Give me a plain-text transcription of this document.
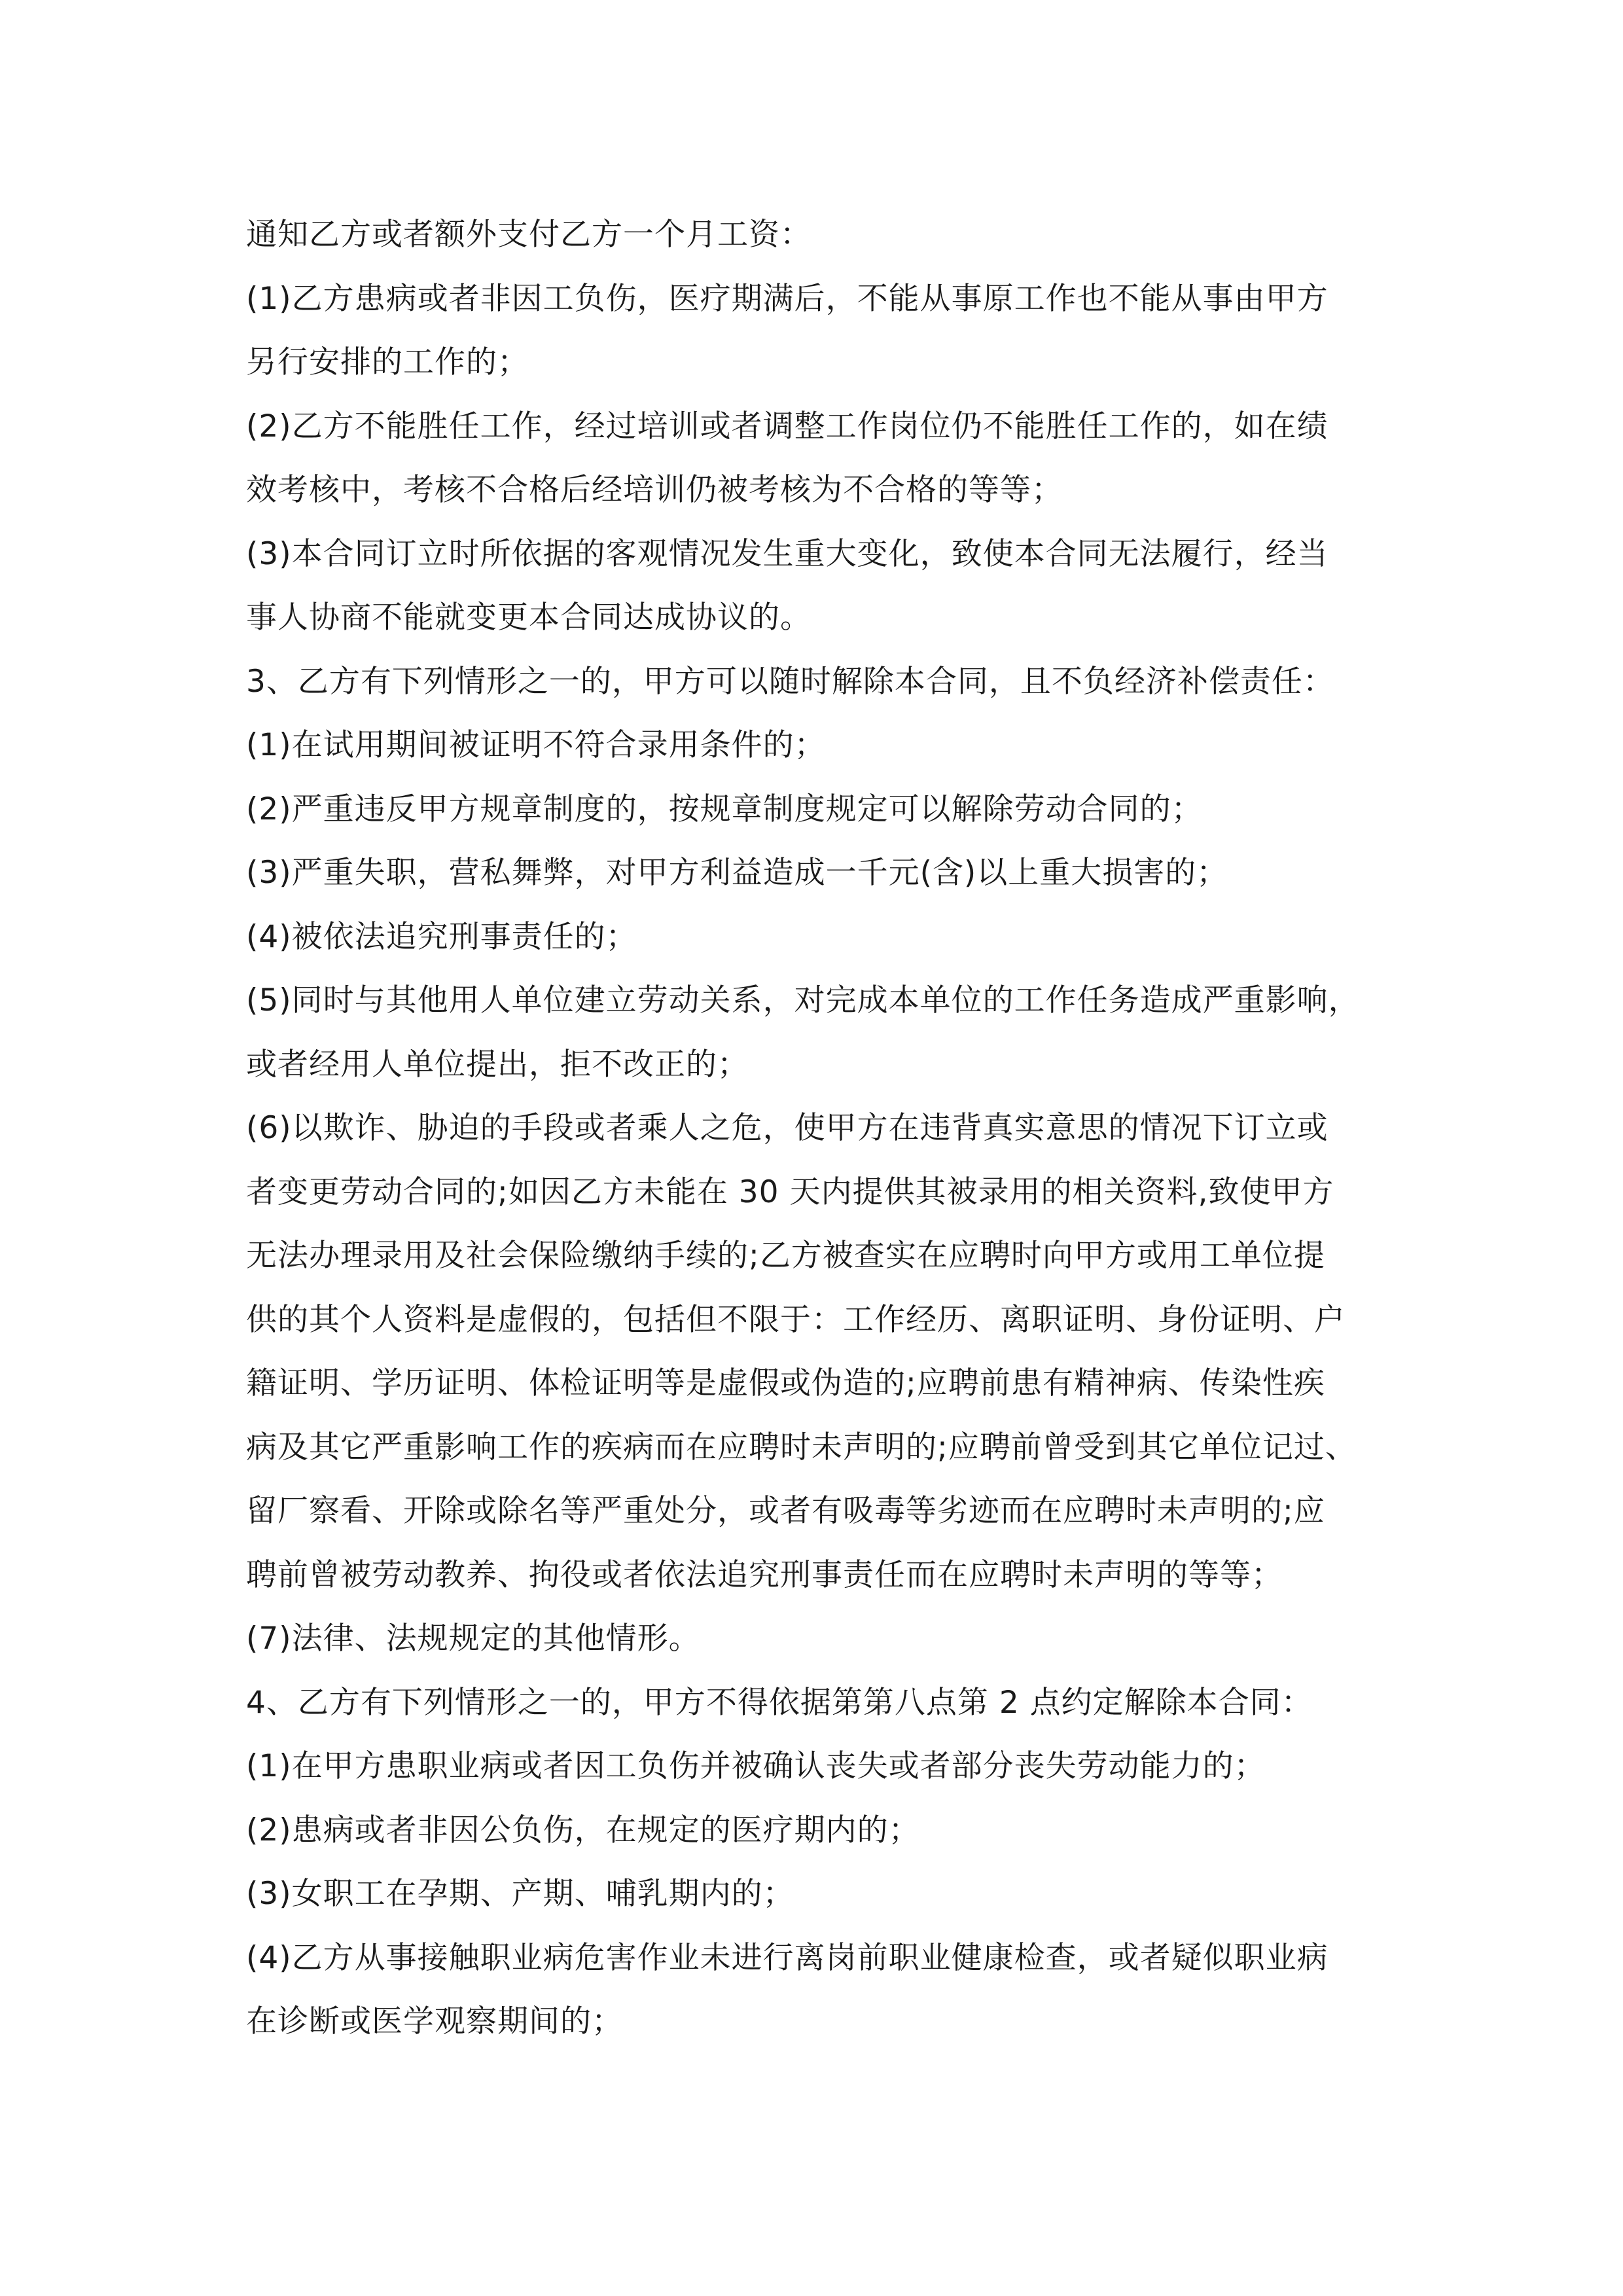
通知乙方或者额外支付乙方一个月工资：
(1)乙方患病或者非因工负伤，医疗期满后，不能从事原工作也不能从事由甲方
另行安排的工作的；
(2)乙方不能胜任工作，经过培训或者调整工作岗位仍不能胜任工作的，如在绩
效考核中，考核不合格后经培训仍被考核为不合格的等等；
(3)本合同订立时所依据的客观情况发生重大变化，致使本合同无法履行，经当
事人协商不能就变更本合同达成协议的。
3、乙方有下列情形之一的，甲方可以随时解除本合同，且不负经济补偿责任：
(1)在试用期间被证明不符合录用条件的；
(2)严重违反甲方规章制度的，按规章制度规定可以解除劳动合同的；
(3)严重失职，营私舞弊，对甲方利益造成一千元(含)以上重大损害的；
(4)被依法追究刑事责任的；
(5)同时与其他用人单位建立劳动关系，对完成本单位的工作任务造成严重影响，
或者经用人单位提出，拒不改正的；
(6)以欺诈、胁迫的手段或者乘人之危，使甲方在违背真实意思的情况下订立或
者变更劳动合同的;如因乙方未能在 30 天内提供其被录用的相关资料,致使甲方
无法办理录用及社会保险缴纳手续的;乙方被查实在应聘时向甲方或用工单位提
供的其个人资料是虚假的，包括但不限于：工作经历、离职证明、身份证明、户
籍证明、学历证明、体检证明等是虚假或伪造的;应聘前患有精神病、传染性疾
病及其它严重影响工作的疾病而在应聘时未声明的;应聘前曾受到其它单位记过、
留厂察看、开除或除名等严重处分，或者有吸毒等劣迹而在应聘时未声明的;应
聘前曾被劳动教养、拘役或者依法追究刑事责任而在应聘时未声明的等等；
(7)法律、法规规定的其他情形。
4、乙方有下列情形之一的，甲方不得依据第第八点第 2 点约定解除本合同：
(1)在甲方患职业病或者因工负伤并被确认丧失或者部分丧失劳动能力的；
(2)患病或者非因公负伤，在规定的医疗期内的；
(3)女职工在孕期、产期、哺乳期内的；
(4)乙方从事接触职业病危害作业未进行离岗前职业健康检查，或者疑似职业病
在诊断或医学观察期间的；
